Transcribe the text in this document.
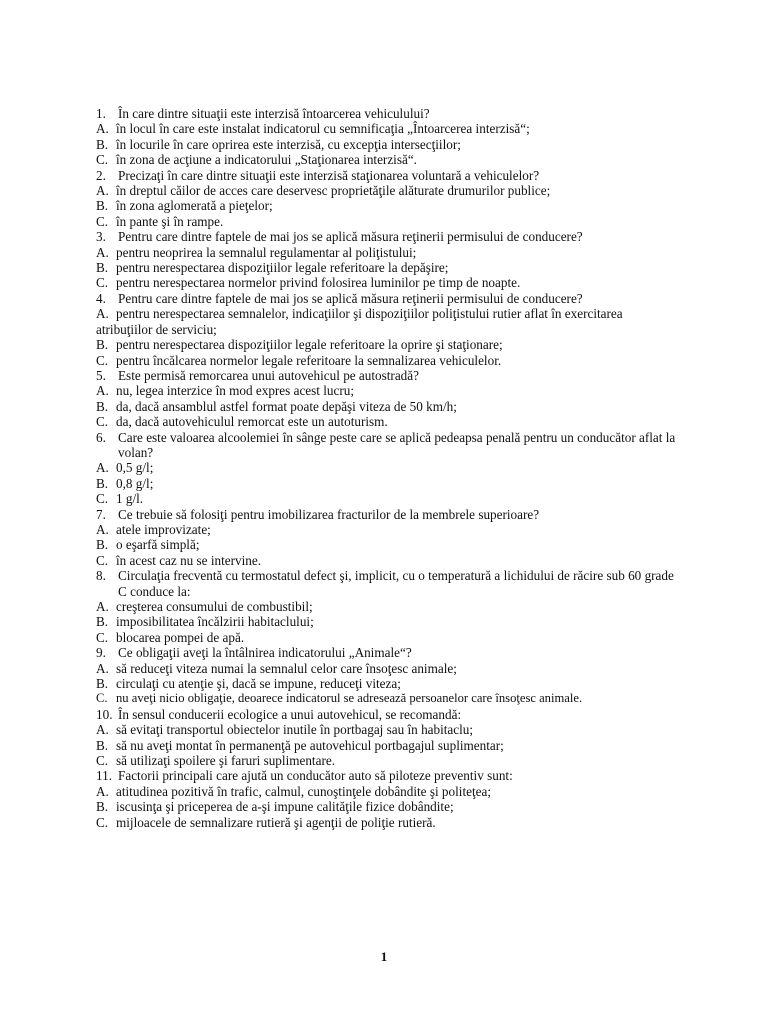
1. În care dintre situaţii este interzisă întoarcerea vehiculului?
A. în locul în care este instalat indicatorul cu semnificaţia „Întoarcerea interzisă“;
B. în locurile în care oprirea este interzisă, cu excepţia intersecţiilor;
C. în zona de acţiune a indicatorului „Staţionarea interzisă“.
2. Precizaţi în care dintre situaţii este interzisă staţionarea voluntară a vehiculelor?
A. în dreptul căilor de acces care deservesc proprietăţile alăturate drumurilor publice;
B. în zona aglomerată a pieţelor;
C. în pante şi în rampe.
3. Pentru care dintre faptele de mai jos se aplică măsura reţinerii permisului de conducere?
A. pentru neoprirea la semnalul regulamentar al poliţistului;
B. pentru nerespectarea dispoziţiilor legale referitoare la depăşire;
C. pentru nerespectarea normelor privind folosirea luminilor pe timp de noapte.
4. Pentru care dintre faptele de mai jos se aplică măsura reţinerii permisului de conducere?
A. pentru nerespectarea semnalelor, indicaţiilor şi dispoziţiilor poliţistului rutier aflat în exercitarea atribuţiilor de serviciu;
B. pentru nerespectarea dispoziţiilor legale referitoare la oprire şi staţionare;
C. pentru încălcarea normelor legale referitoare la semnalizarea vehiculelor.
5. Este permisă remorcarea unui autovehicul pe autostradă?
A. nu, legea interzice în mod expres acest lucru;
B. da, dacă ansamblul astfel format poate depăşi viteza de 50 km/h;
C. da, dacă autovehiculul remorcat este un autoturism.
6. Care este valoarea alcoolemiei în sânge peste care se aplică pedeapsa penală pentru un conducător aflat la volan?
A. 0,5 g/l;
B. 0,8 g/l;
C. 1 g/l.
7. Ce trebuie să folosiţi pentru imobilizarea fracturilor de la membrele superioare?
A. atele improvizate;
B. o eşarfă simplă;
C. în acest caz nu se intervine.
8. Circulaţia frecventă cu termostatul defect şi, implicit, cu o temperatură a lichidului de răcire sub 60 grade C conduce la:
A. creşterea consumului de combustibil;
B. imposibilitatea încălzirii habitaclului;
C. blocarea pompei de apă.
9. Ce obligaţii aveţi la întâlnirea indicatorului „Animale“?
A. să reduceţi viteza numai la semnalul celor care însoţesc animale;
B. circulaţi cu atenţie şi, dacă se impune, reduceţi viteza;
C. nu aveţi nicio obligaţie, deoarece indicatorul se adresează persoanelor care însoţesc animale.
10. În sensul conducerii ecologice a unui autovehicul, se recomandă:
A. să evitaţi transportul obiectelor inutile în portbagaj sau în habitaclu;
B. să nu aveţi montat în permanenţă pe autovehicul portbagajul suplimentar;
C. să utilizaţi spoilere şi faruri suplimentare.
11. Factorii principali care ajută un conducător auto să piloteze preventiv sunt:
A. atitudinea pozitivă în trafic, calmul, cunoştinţele dobândite şi politeţea;
B. iscusinţa şi priceperea de a-şi impune calităţile fizice dobândite;
C. mijloacele de semnalizare rutieră şi agenţii de poliţie rutieră.
1
